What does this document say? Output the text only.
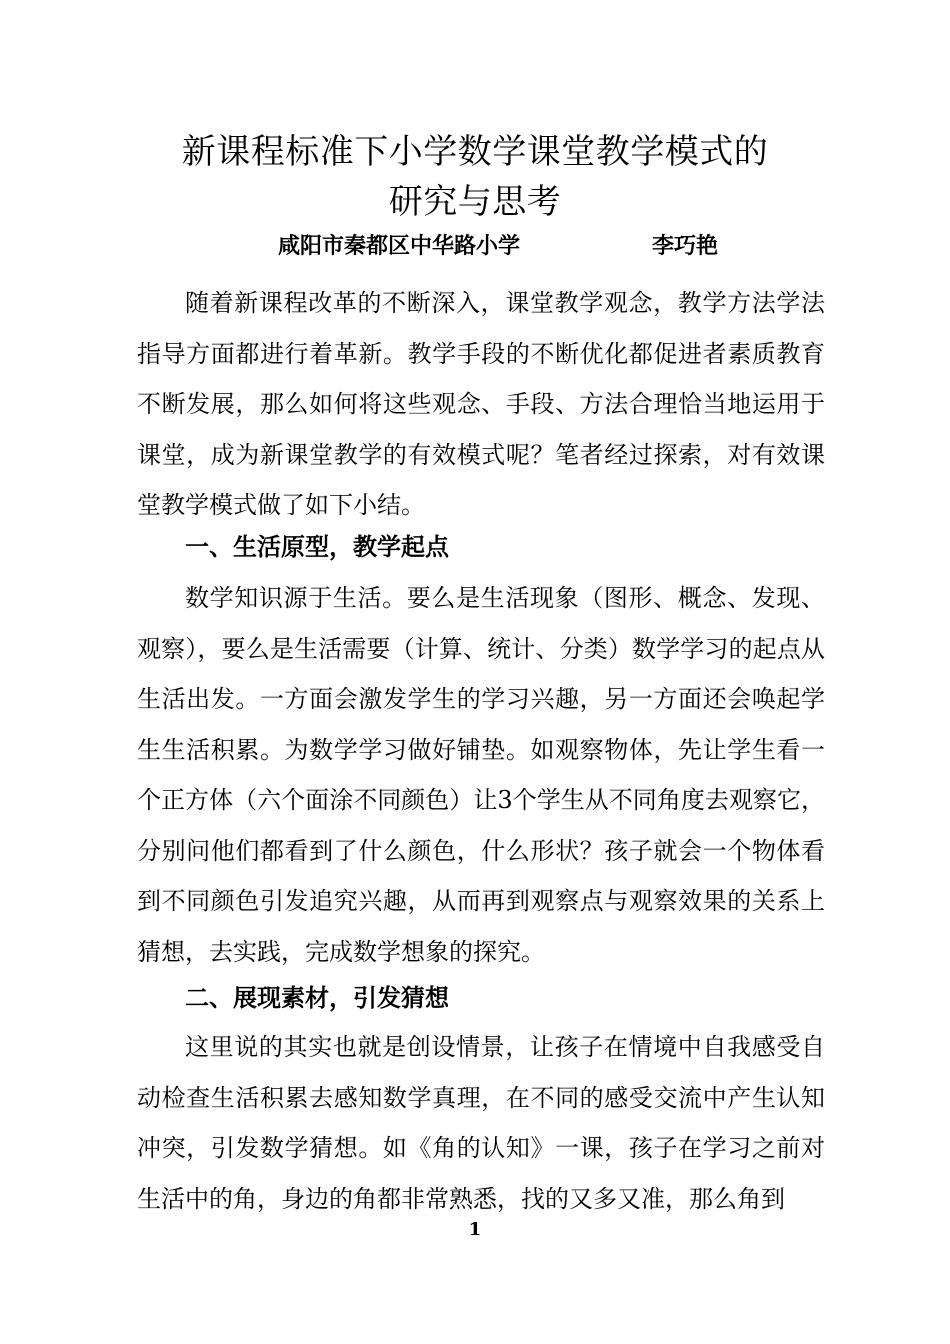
新课程标准下小学数学课堂教学模式的
研究与思考
咸阳市秦都区中华路小学	李巧艳

随着新课程改革的不断深入，课堂教学观念，教学方法学法指导方面都进行着革新。教学手段的不断优化都促进者素质教育不断发展，那么如何将这些观念、手段、方法合理恰当地运用于课堂，成为新课堂教学的有效模式呢？笔者经过探索，对有效课堂教学模式做了如下小结。

一、生活原型，教学起点

数学知识源于生活。要么是生活现象（图形、概念、发现、观察），要么是生活需要（计算、统计、分类）数学学习的起点从生活出发。一方面会激发学生的学习兴趣，另一方面还会唤起学生生活积累。为数学学习做好铺垫。如观察物体，先让学生看一个正方体（六个面涂不同颜色）让3个学生从不同角度去观察它，分别问他们都看到了什么颜色，什么形状？孩子就会一个物体看到不同颜色引发追究兴趣，从而再到观察点与观察效果的关系上猜想，去实践，完成数学想象的探究。

二、展现素材，引发猜想

这里说的其实也就是创设情景，让孩子在情境中自我感受自动检查生活积累去感知数学真理，在不同的感受交流中产生认知冲突，引发数学猜想。如《角的认知》一课，孩子在学习之前对生活中的角，身边的角都非常熟悉，找的又多又准，那么角到

1
